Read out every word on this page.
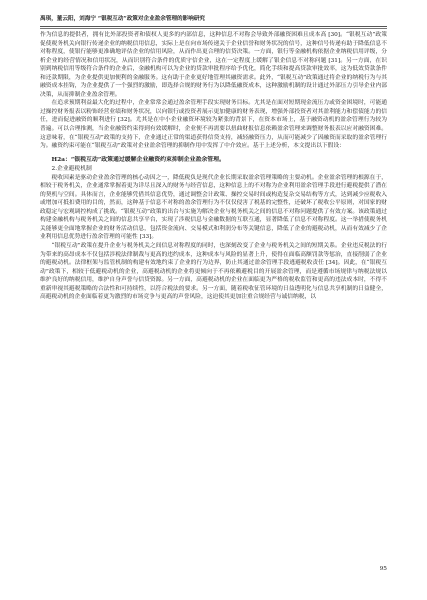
禹琪，董云阳，刘海宁 “银税互动”政策对企业盈余管理的影响研究

作为信息的提供者，拥有比外部投资者和债权人更多的内部信息，这种信息不对称会导致外部融资困难且成本高 [30]。“银税互动”政策促使税务机关向银行传递企业的纳税信用信息，实际上是在向市场传递关于企业信誉和财务状况的信号，这种信号传递有助于降低信息不对称程度，使银行能够更准确地评估企业的信用风险，从而作出更合理的信贷决策。一方面，银行等金融机构依据企业纳税信用评级，分析企业的经营情况和信用状况，从而识别符合条件的优质守信企业，这在一定程度上缓解了银企信息不对称问题 [31]。另一方面，在识别到纳税信用等级符合条件的企业后，金融机构可以为企业的贷款审批程序给予优化，简化手续和提高贷款审批效率，这为低效贷款条件和还款期限，为企业提供更加便利的金融服务。这有助于企业更好地管理其融资需求。此外，“银税互动”政策通过将企业的纳税行为与其融资成本挂钩，为企业提供了一个强烈的激励，即选择合规的财务行为以降低融资成本，这种激励机制的设计通过外部压力引导企业内部决策，从而抑制企业盈余管理。

在追求预期利益最大化的过程中，企业常常会通过盈余管理手段实现财务目标。尤其是在面对短期现金流压力或资金困境时，可能通过操控财务报表以粉饰经营业绩和财务状况，以向银行或投资者展示更加健康的财务表现，增强外部投资者对其盈利能力和偿债能力的信任，进而促进融资的顺利进行 [32]。尤其是在中小企业融资环境较为紧张的背景下，在资本市场上，基于融资动机的盈余管理行为较为普遍。可以合理推测，当企业融资约束得到有效缓解时，企业便不再需要以扭曲财报信息依赖盈余管理来调整财务报表以应对融资困难。这意味着，在“银税互动”政策的支持下，企业通过正常的渠道获得信贷支持，减轻融资压力，从而可能减少了因融资而采取的盈余管理行为。融资约束可能在“银税互动”政策对企业盈余管理的抑制作用中发挥了中介效应。基于上述分析，本文提出以下假设：

H2a：“银税互动”政策通过缓解企业融资约束抑制企业盈余管理。
2.企业避税机制

税收因素是驱动企业盈余管理的核心动因之一，降低税负是现代企业长期采取盈余管理策略的主要动机。企业盈余管理的根源在于，相较于税务机关，企业通常掌握着更为详尽且深入的财务与经营信息，这种信息上的不对称为企业利用盈余管理手段进行避税提供了潜在的契机与空间。具体而言，企业能够凭借其信息优势，通过调整会计政策、操控交易时间或构造复杂交易结构等方式，达到减少应税收入或增加可抵扣费用的目的，然而，这种基于信息不对称的盈余管理行为不仅仅侵害了税基的完整性，还破坏了税收公平原则，对国家的财政稳定与宏观调控构成了挑战。“银税互动”政策的出台与实施为解决企业与税务机关之间的信息不对称问题提供了有效方案。该政策通过构建金融机构与税务机关之间的信息共享平台，实现了涉税信息与金融数据的互联互通，显著降低了信息不对称程度。这一举措使税务机关能够更全面地掌握企业的财务活动信息，包括资金流向、交易模式和利润分布等关键信息，降低了企业的避税动机，从而有效减少了企业利用信息优势进行盈余管理的可能性 [33]。

“银税互动”政策在提升企业与税务机关之间信息对称程度的同时，也深刻改变了企业与税务机关之间的短期关系。企业违反税法的行为带来的高昂成本不仅包括涉税法律制裁与更高的违约成本，这种成本与风险的显著上升，使得在面临高额罚款等惩治，直接削弱了企业的避税动机。法律框架与监管机制的构建有效地约束了企业的行为边界，防止其通过盈余管理手段逃避税收责任 [34]。因此，在“银税互动”政策下，相较于低避税动机的企业，高避税动机的企业将更倾向于不再依赖避税目的开展盈余管理，而是遵循市场规律与纳税法规以维护良好的纳税信用，维护自身声誉与信贷资源。另一方面，高避税动机的企业在面临更为严格的税收监管和更高的违法成本时，不得不重新审视其避税策略的合法性和可持续性，以符合税法的要求。另一方面，随着税收征管环境的日益透明化与信息共享机制的日益健全，高避税动机的企业面临着更为激烈的市场竞争与更高的声誉风险，这迫使其更加注重合规经营与诚信纳税，以

95
